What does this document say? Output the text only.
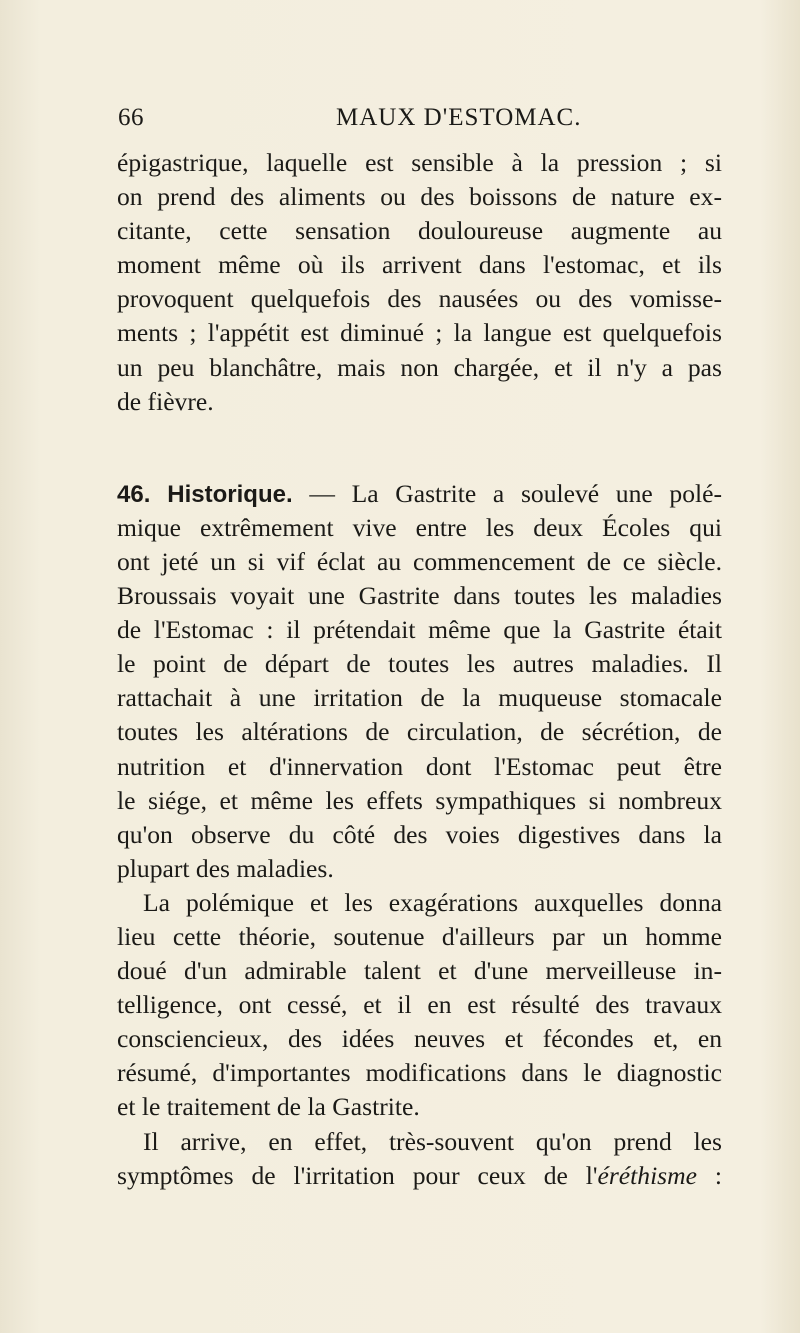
66	MAUX D'ESTOMAC.
épigastrique, laquelle est sensible à la pression ; si
on prend des aliments ou des boissons de nature ex-
citante, cette sensation douloureuse augmente au
moment même où ils arrivent dans l'estomac, et ils
provoquent quelquefois des nausées ou des vomisse-
ments ; l'appétit est diminué ; la langue est quelquefois
un peu blanchâtre, mais non chargée, et il n'y a pas
de fièvre.
46. Historique. — La Gastrite a soulevé une polé-
mique extrêmement vive entre les deux Écoles qui
ont jeté un si vif éclat au commencement de ce siècle.
Broussais voyait une Gastrite dans toutes les maladies
de l'Estomac : il prétendait même que la Gastrite était
le point de départ de toutes les autres maladies. Il
rattachait à une irritation de la muqueuse stomacale
toutes les altérations de circulation, de sécrétion, de
nutrition et d'innervation dont l'Estomac peut être
le siége, et même les effets sympathiques si nombreux
qu'on observe du côté des voies digestives dans la
plupart des maladies.
La polémique et les exagérations auxquelles donna
lieu cette théorie, soutenue d'ailleurs par un homme
doué d'un admirable talent et d'une merveilleuse in-
telligence, ont cessé, et il en est résulté des travaux
consciencieux, des idées neuves et fécondes et, en
résumé, d'importantes modifications dans le diagnostic
et le traitement de la Gastrite.
Il arrive, en effet, très-souvent qu'on prend les
symptômes de l'irritation pour ceux de l'éréthisme :
